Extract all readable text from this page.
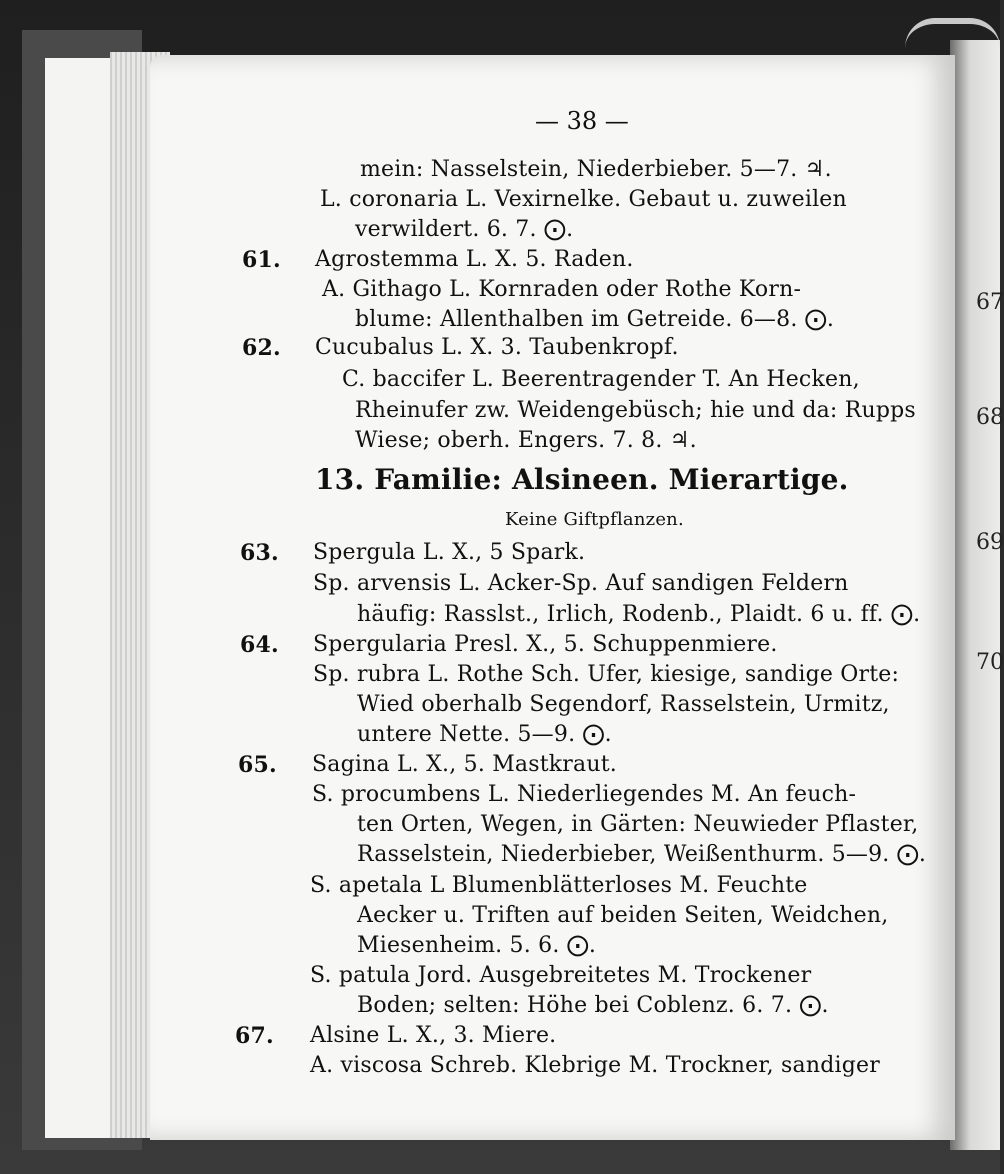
67
68
69
70
— 38 —
mein: Nasselstein, Niederbieber. 5—7. ♃.
L. coronaria L. Vexirnelke. Gebaut u. zuweilen
verwildert. 6. 7. ⨀.
61. Agrostemma L. X. 5. Raden.
A. Githago L. Kornraden oder Rothe Korn-
blume: Allenthalben im Getreide. 6—8. ⨀.
62. Cucubalus L. X. 3. Taubenkropf.
C. baccifer L. Beerentragender T. An Hecken,
Rheinufer zw. Weidengebüsch; hie und da: Rupps
Wiese; oberh. Engers. 7. 8. ♃.
13. Familie: Alsineen. Mierartige.
Keine Giftpflanzen.
63. Spergula L. X., 5 Spark.
Sp. arvensis L. Acker-Sp. Auf sandigen Feldern
häufig: Rasslst., Irlich, Rodenb., Plaidt. 6 u. ff. ⨀.
64. Spergularia Presl. X., 5. Schuppenmiere.
Sp. rubra L. Rothe Sch. Ufer, kiesige, sandige Orte:
Wied oberhalb Segendorf, Rasselstein, Urmitz,
untere Nette. 5—9. ⨀.
65. Sagina L. X., 5. Mastkraut.
S. procumbens L. Niederliegendes M. An feuch-
ten Orten, Wegen, in Gärten: Neuwieder Pflaster,
Rasselstein, Niederbieber, Weißenthurm. 5—9. ⨀.
S. apetala L Blumenblätterloses M. Feuchte
Aecker u. Triften auf beiden Seiten, Weidchen,
Miesenheim. 5. 6. ⨀.
S. patula Jord. Ausgebreitetes M. Trockener
Boden; selten: Höhe bei Coblenz. 6. 7. ⨀.
67. Alsine L. X., 3. Miere.
A. viscosa Schreb. Klebrige M. Trockner, sandiger
